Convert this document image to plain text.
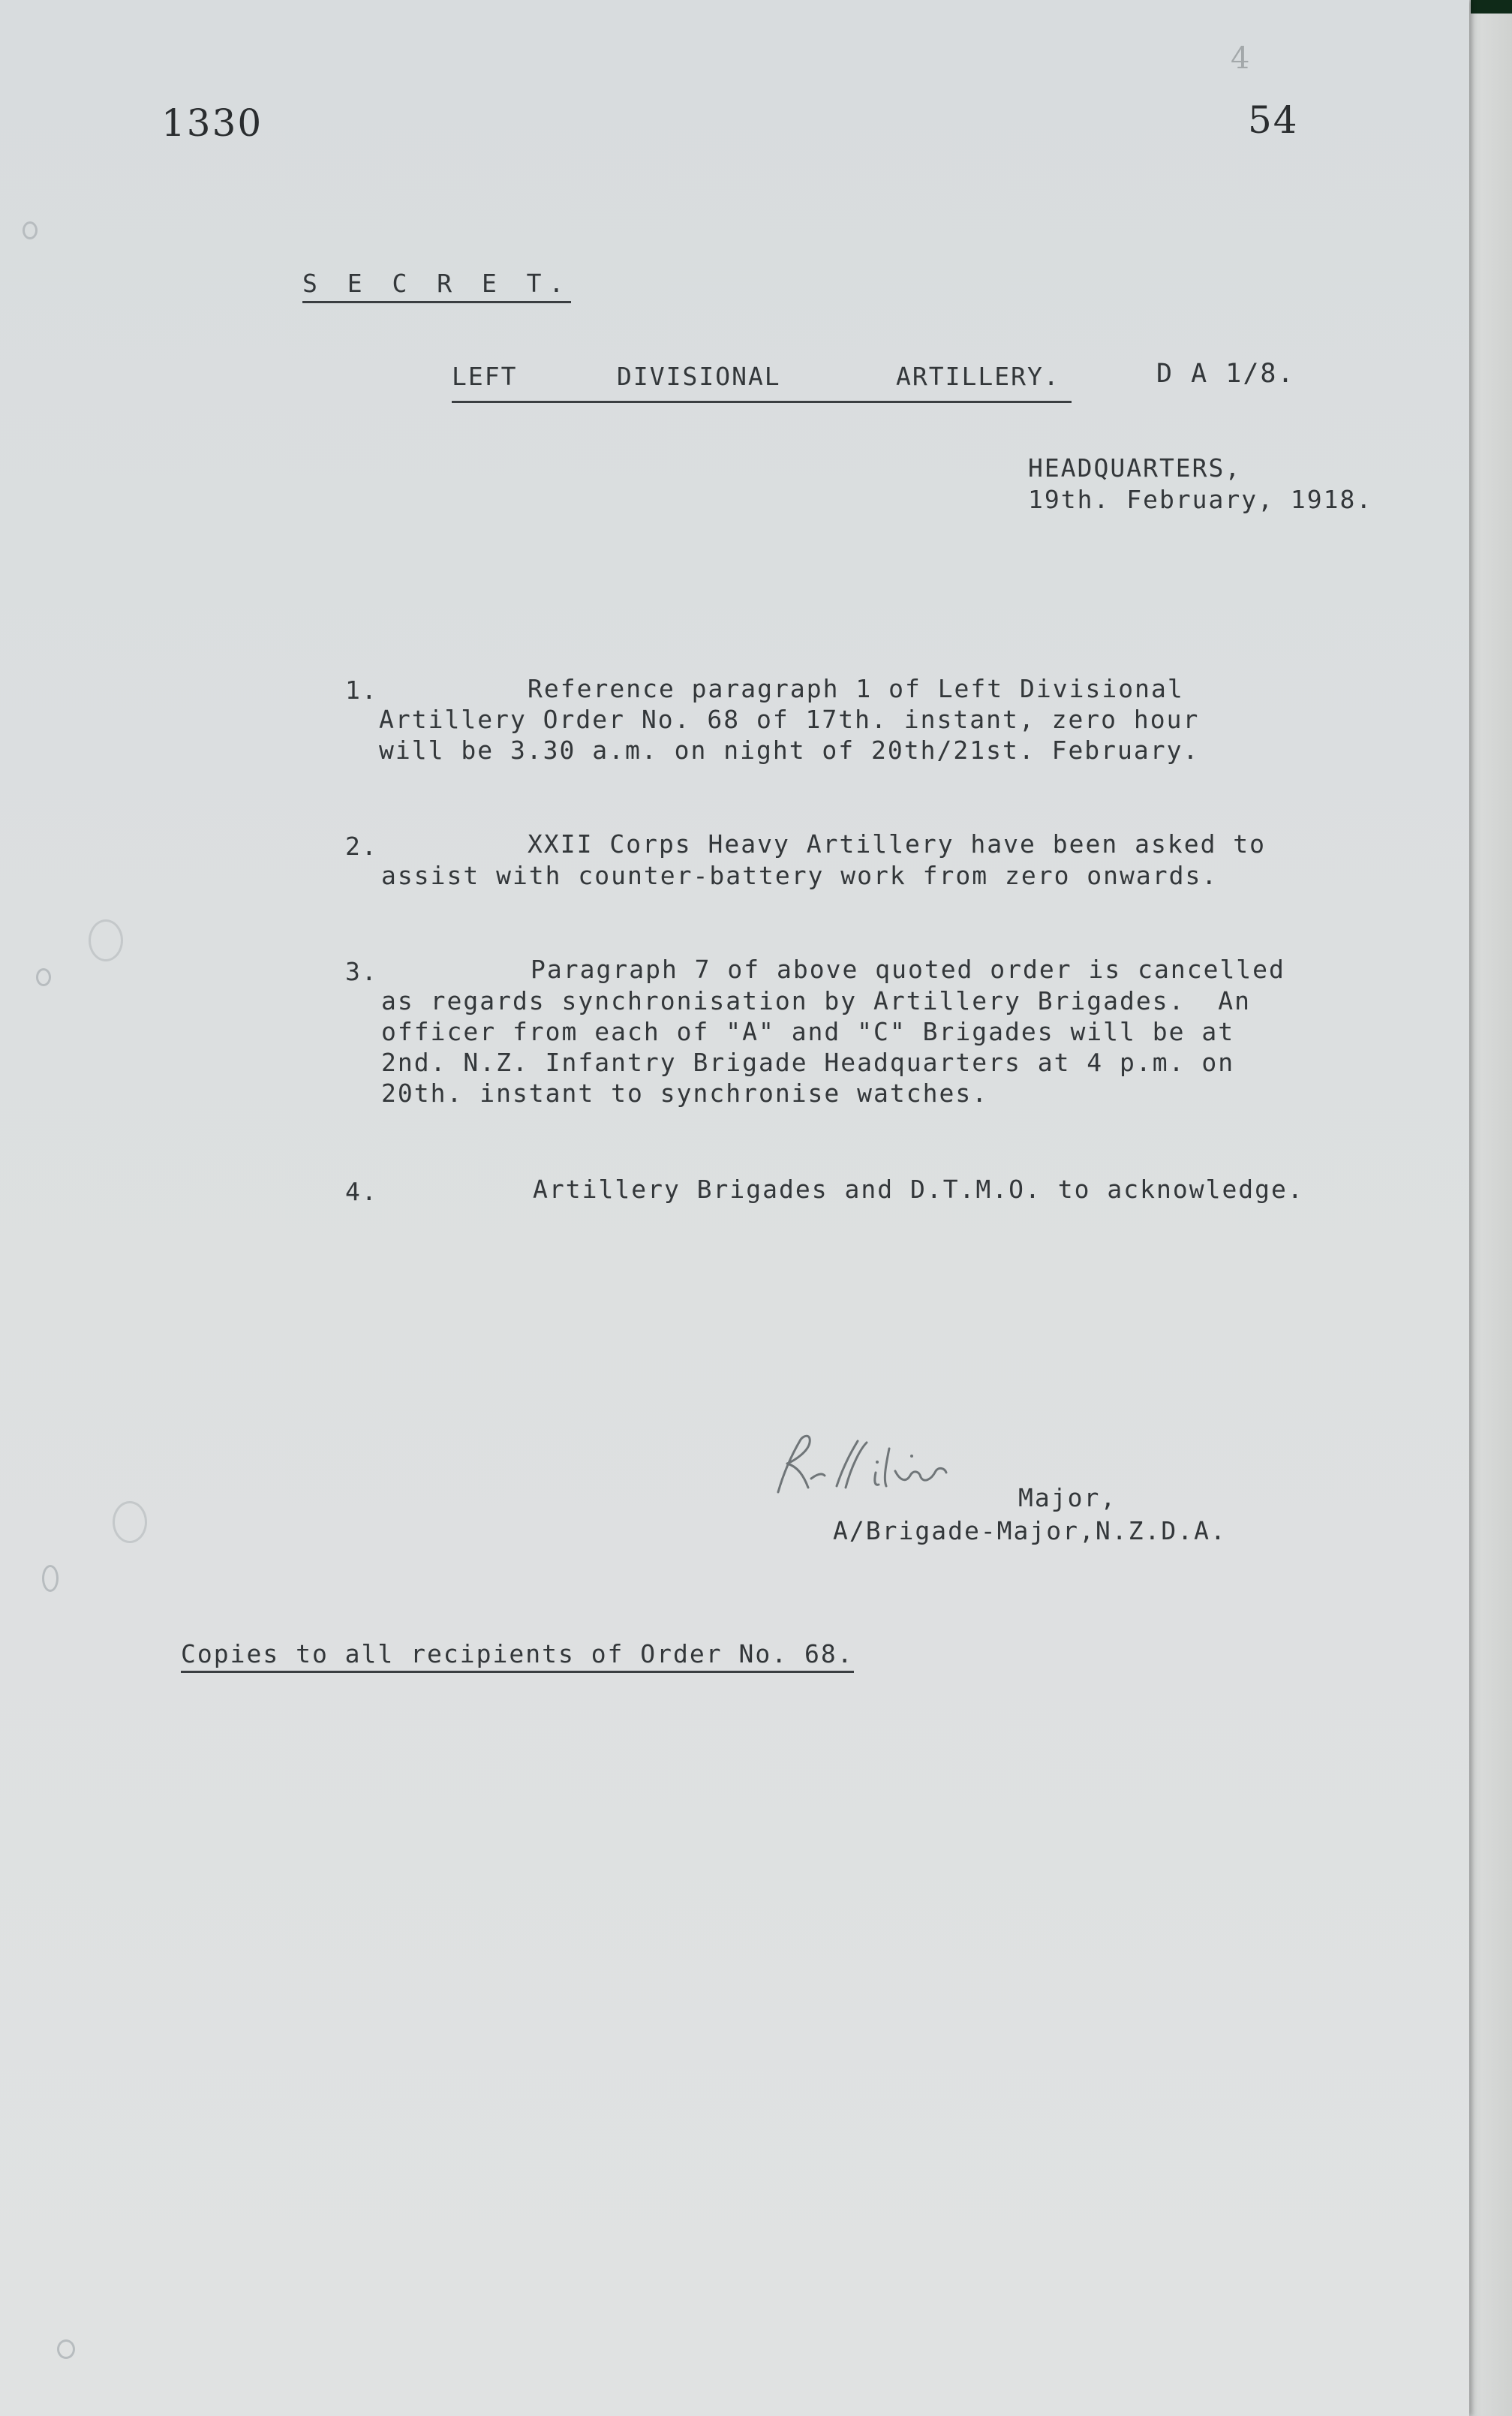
1330	54
4
S E C R E T.

LEFT

	DIVISIONAL

	ARTILLERY.

	D A 1/8.
HEADQUARTERS,
19th. February, 1918.
1.	Reference paragraph 1 of Left Divisional
Artillery Order No. 68 of 17th. instant, zero hour
will be 3.30 a.m. on night of 20th/21st. February.
2.	XXII Corps Heavy Artillery have been asked to
assist with counter-battery work from zero onwards.
3.	Paragraph 7 of above quoted order is cancelled
as regards synchronisation by Artillery Brigades.  An
officer from each of "A" and "C" Brigades will be at
2nd. N.Z. Infantry Brigade Headquarters at 4 p.m. on
20th. instant to synchronise watches.
4.	Artillery Brigades and D.T.M.O. to acknowledge.
Major,
A/Brigade-Major,N.Z.D.A.
Copies to all recipients of Order No. 68.
